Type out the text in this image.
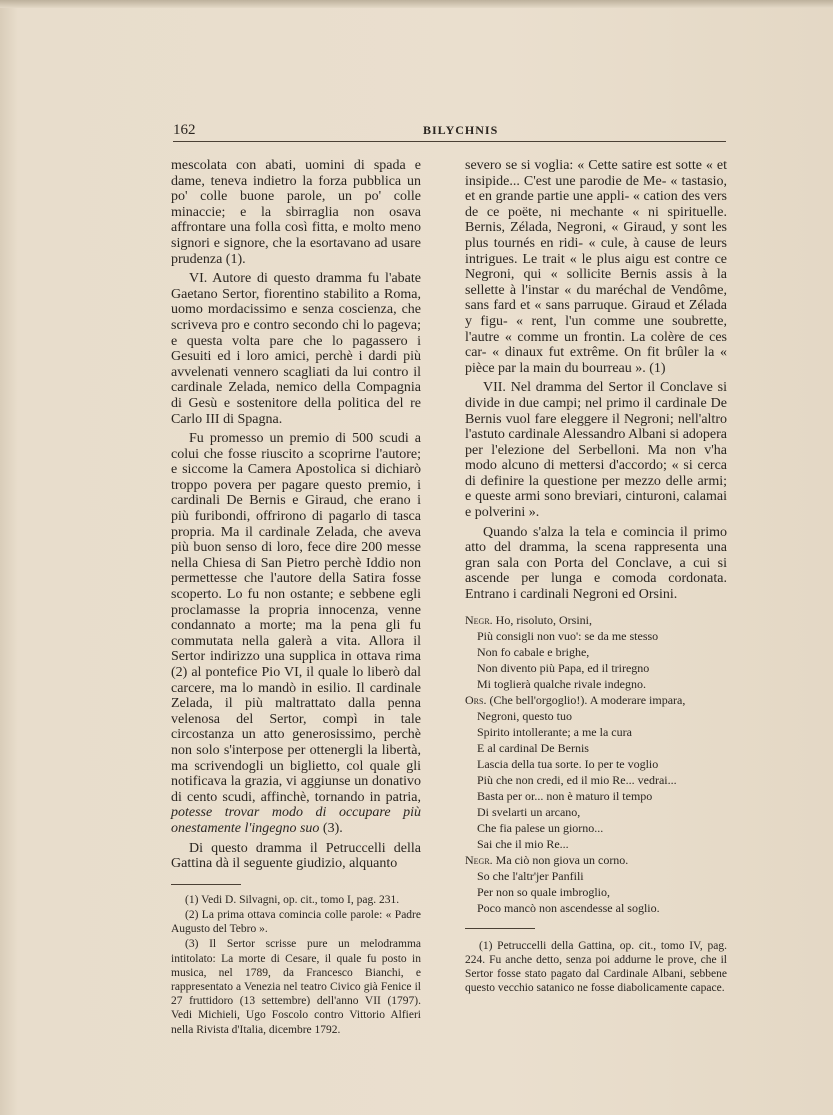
162	BILYCHNIS

mescolata con abati, uomini di spada e dame, teneva indietro la forza pubblica un po' colle buone parole, un po' colle minaccie; e la sbirraglia non osava affrontare una folla così fitta, e molto meno signori e signore, che la esortavano ad usare prudenza (1).

VI. Autore di questo dramma fu l'abate Gaetano Sertor, fiorentino stabilito a Roma, uomo mordacissimo e senza coscienza, che scriveva pro e contro secondo chi lo pageva; e questa volta pare che lo pagassero i Gesuiti ed i loro amici, perchè i dardi più avvelenati vennero scagliati da lui contro il cardinale Zelada, nemico della Compagnia di Gesù e sostenitore della politica del re Carlo III di Spagna.

Fu promesso un premio di 500 scudi a colui che fosse riuscito a scoprirne l'autore; e siccome la Camera Apostolica si dichiarò troppo povera per pagare questo premio, i cardinali De Bernis e Giraud, che erano i più furibondi, offrirono di pagarlo di tasca propria. Ma il cardinale Zelada, che aveva più buon senso di loro, fece dire 200 messe nella Chiesa di San Pietro perchè Iddio non permettesse che l'autore della Satira fosse scoperto. Lo fu non ostante; e sebbene egli proclamasse la propria innocenza, venne condannato a morte; ma la pena gli fu commutata nella galerà a vita. Allora il Sertor indirizzo una supplica in ottava rima (2) al pontefice Pio VI, il quale lo liberò dal carcere, ma lo mandò in esilio. Il cardinale Zelada, il più maltrattato dalla penna velenosa del Sertor, compì in tale circostanza un atto generosissimo, perchè non solo s'interpose per ottenergli la libertà, ma scrivendogli un biglietto, col quale gli notificava la grazia, vi aggiunse un donativo di cento scudi, affinchè, tornando in patria, potesse trovar modo di occupare più onestamente l'ingegno suo (3).

Di questo dramma il Petruccelli della Gattina dà il seguente giudizio, alquanto

(1) Vedi D. Silvagni, op. cit., tomo I, pag. 231.

(2) La prima ottava comincia colle parole: « Padre Augusto del Tebro ».

(3) Il Sertor scrisse pure un melodramma intitolato: La morte di Cesare, il quale fu posto in musica, nel 1789, da Francesco Bianchi, e rappresentato a Venezia nel teatro Civico già Fenice il 27 fruttidoro (13 settembre) dell'anno VII (1797). Vedi Michieli, Ugo Foscolo contro Vittorio Alfieri nella Rivista d'Italia, dicembre 1792.

severo se si voglia: « Cette satire est sotte « et insipide... C'est une parodie de Me- « tastasio, et en grande partie une appli- « cation des vers de ce poëte, ni mechante « ni spirituelle. Bernis, Zélada, Negroni, « Giraud, y sont les plus tournés en ridi- « cule, à cause de leurs intrigues. Le trait « le plus aigu est contre ce Negroni, qui « sollicite Bernis assis à la sellette à l'instar « du maréchal de Vendôme, sans fard et « sans parruque. Giraud et Zélada y figu- « rent, l'un comme une soubrette, l'autre « comme un frontin. La colère de ces car- « dinaux fut extrême. On fit brûler la « pièce par la main du bourreau ». (1)

VII. Nel dramma del Sertor il Conclave si divide in due campi; nel primo il cardinale De Bernis vuol fare eleggere il Negroni; nell'altro l'astuto cardinale Alessandro Albani si adopera per l'elezione del Serbelloni. Ma non v'ha modo alcuno di mettersi d'accordo; « si cerca di definire la questione per mezzo delle armi; e queste armi sono breviari, cinturoni, calamai e polverini ».

Quando s'alza la tela e comincia il primo atto del dramma, la scena rappresenta una gran sala con Porta del Conclave, a cui si ascende per lunga e comoda cordonata. Entrano i cardinali Negroni ed Orsini.

Negr. Ho, risoluto, Orsini,

Più consigli non vuo': se da me stesso

Non fo cabale e brighe,

Non divento più Papa, ed il triregno

Mi toglierà qualche rivale indegno.

Ors. (Che bell'orgoglio!). A moderare impara,

Negroni, questo tuo

Spirito intollerante; a me la cura

E al cardinal De Bernis

Lascia della tua sorte. Io per te voglio

Più che non credi, ed il mio Re... vedrai...

Basta per or... non è maturo il tempo

Di svelarti un arcano,

Che fia palese un giorno...

Sai che il mio Re...

Negr. Ma ciò non giova un corno.

So che l'altr'jer Panfili

Per non so quale imbroglio,

Poco mancò non ascendesse al soglio.

(1) Petruccelli della Gattina, op. cit., tomo IV, pag. 224. Fu anche detto, senza poi addurne le prove, che il Sertor fosse stato pagato dal Cardinale Albani, sebbene questo vecchio satanico ne fosse diabolicamente capace.
